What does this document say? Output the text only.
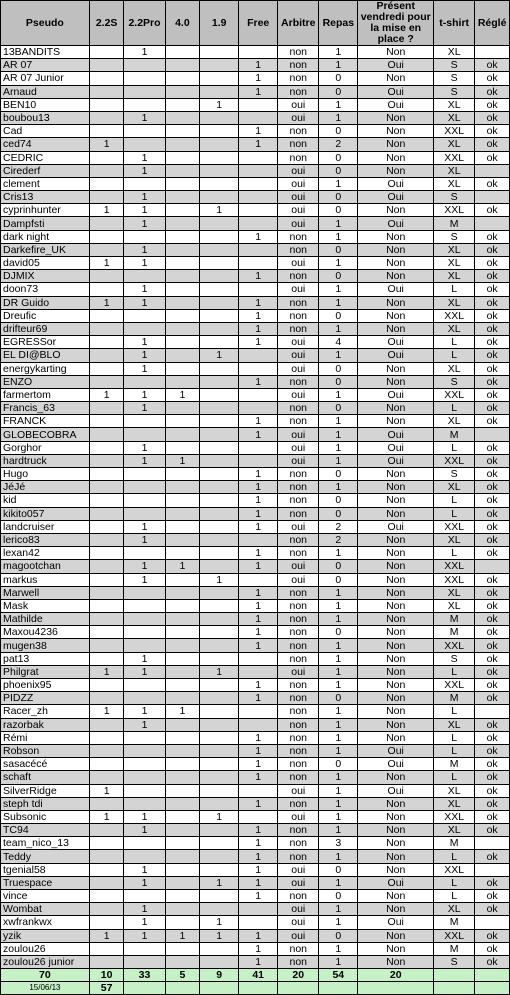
Pseudo	2.2S	2.2Pro	4.0	1.9	Free	Arbitre	Repas	Présent vendredi pour la mise en place ?	t-shirt	Réglé
13BANDITS		1				non	1	Non	XL	
AR 07					1	non	1	Oui	S	ok
AR 07 Junior					1	non	0	Non	S	ok
Arnaud					1	non	0	Oui	S	ok
BEN10				1		oui	1	Oui	XL	ok
boubou13		1				oui	1	Non	XL	ok
Cad					1	non	0	Non	XXL	ok
ced74	1				1	non	2	Non	XL	ok
CEDRIC		1				non	0	Non	XXL	ok
Cirederf		1				oui	0	Non	XL	
clement						oui	1	Oui	XL	ok
Cris13		1				oui	0	Oui	S	
cyprinhunter	1	1		1		oui	0	Non	XXL	ok
Dampfsti		1				oui	1	Oui	M	
dark night					1	non	1	Non	S	ok
Darkefire_UK		1				non	0	Non	XL	ok
david05	1	1				oui	1	Non	XL	ok
DJMIX					1	non	0	Non	XL	ok
doon73		1				oui	1	Oui	L	ok
DR Guido	1	1			1	non	1	Non	XL	ok
Dreufic					1	non	0	Non	XXL	ok
drifteur69					1	non	1	Non	XL	ok
EGRESSor		1			1	oui	4	Oui	L	ok
EL DI@BLO		1		1		oui	1	Oui	L	ok
energykarting		1				oui	0	Non	XL	ok
ENZO					1	non	0	Non	S	ok
farmertom	1	1	1			oui	1	Oui	XXL	ok
Francis_63		1				non	0	Non	L	ok
FRANCK					1	non	1	Non	XL	ok
GLOBECOBRA					1	oui	1	Oui	M	
Gorghor		1				oui	1	Oui	L	ok
hardtruck		1	1			oui	1	Oui	XXL	ok
Hugo					1	non	0	Non	S	ok
JéJé					1	non	1	Non	XL	ok
kid					1	non	0	Non	L	ok
kikito057					1	non	0	Non	L	ok
landcruiser		1			1	oui	2	Oui	XXL	ok
lerico83		1				non	2	Non	XL	ok
lexan42					1	non	1	Non	L	ok
magootchan		1	1		1	oui	0	Non	XXL	
markus		1		1		oui	0	Non	XXL	ok
Marwell					1	non	1	Non	XL	ok
Mask					1	non	1	Non	XL	ok
Mathilde					1	non	1	Non	M	ok
Maxou4236					1	non	0	Non	M	ok
mugen38					1	non	1	Non	XXL	ok
pat13		1				non	1	Non	S	ok
Philgrat	1	1		1		oui	1	Non	L	ok
phoenix95					1	non	1	Non	XXL	ok
PIDZZ					1	non	0	Non	M	ok
Racer_zh	1	1	1			non	1	Non	L	
razorbak		1				non	1	Non	XL	ok
Rémi					1	non	1	Non	L	ok
Robson					1	non	1	Oui	L	ok
sasacécé					1	non	0	Oui	M	ok
schaft					1	non	1	Non	L	ok
SilverRidge	1					oui	1	Oui	XL	ok
steph tdi					1	non	1	Non	XL	ok
Subsonic	1	1		1		oui	1	Non	XXL	ok
TC94		1			1	non	1	Non	XL	ok
team_nico_13					1	non	3	Non	M	
Teddy					1	non	1	Non	L	ok
tgenial58		1			1	oui	0	Non	XXL	
Truespace		1		1	1	oui	1	Oui	L	ok
vince					1	non	0	Non	L	ok
Wombat		1				oui	1	Non	XL	ok
xwfrankwx		1		1		oui	1	Oui	M	
yzik	1	1	1	1	1	oui	0	Non	XXL	ok
zoulou26					1	non	1	Non	M	ok
zoulou26 junior					1	non	1	Non	S	ok
70	10	33	5	9	41	20	54	20		
15/06/13	57									
